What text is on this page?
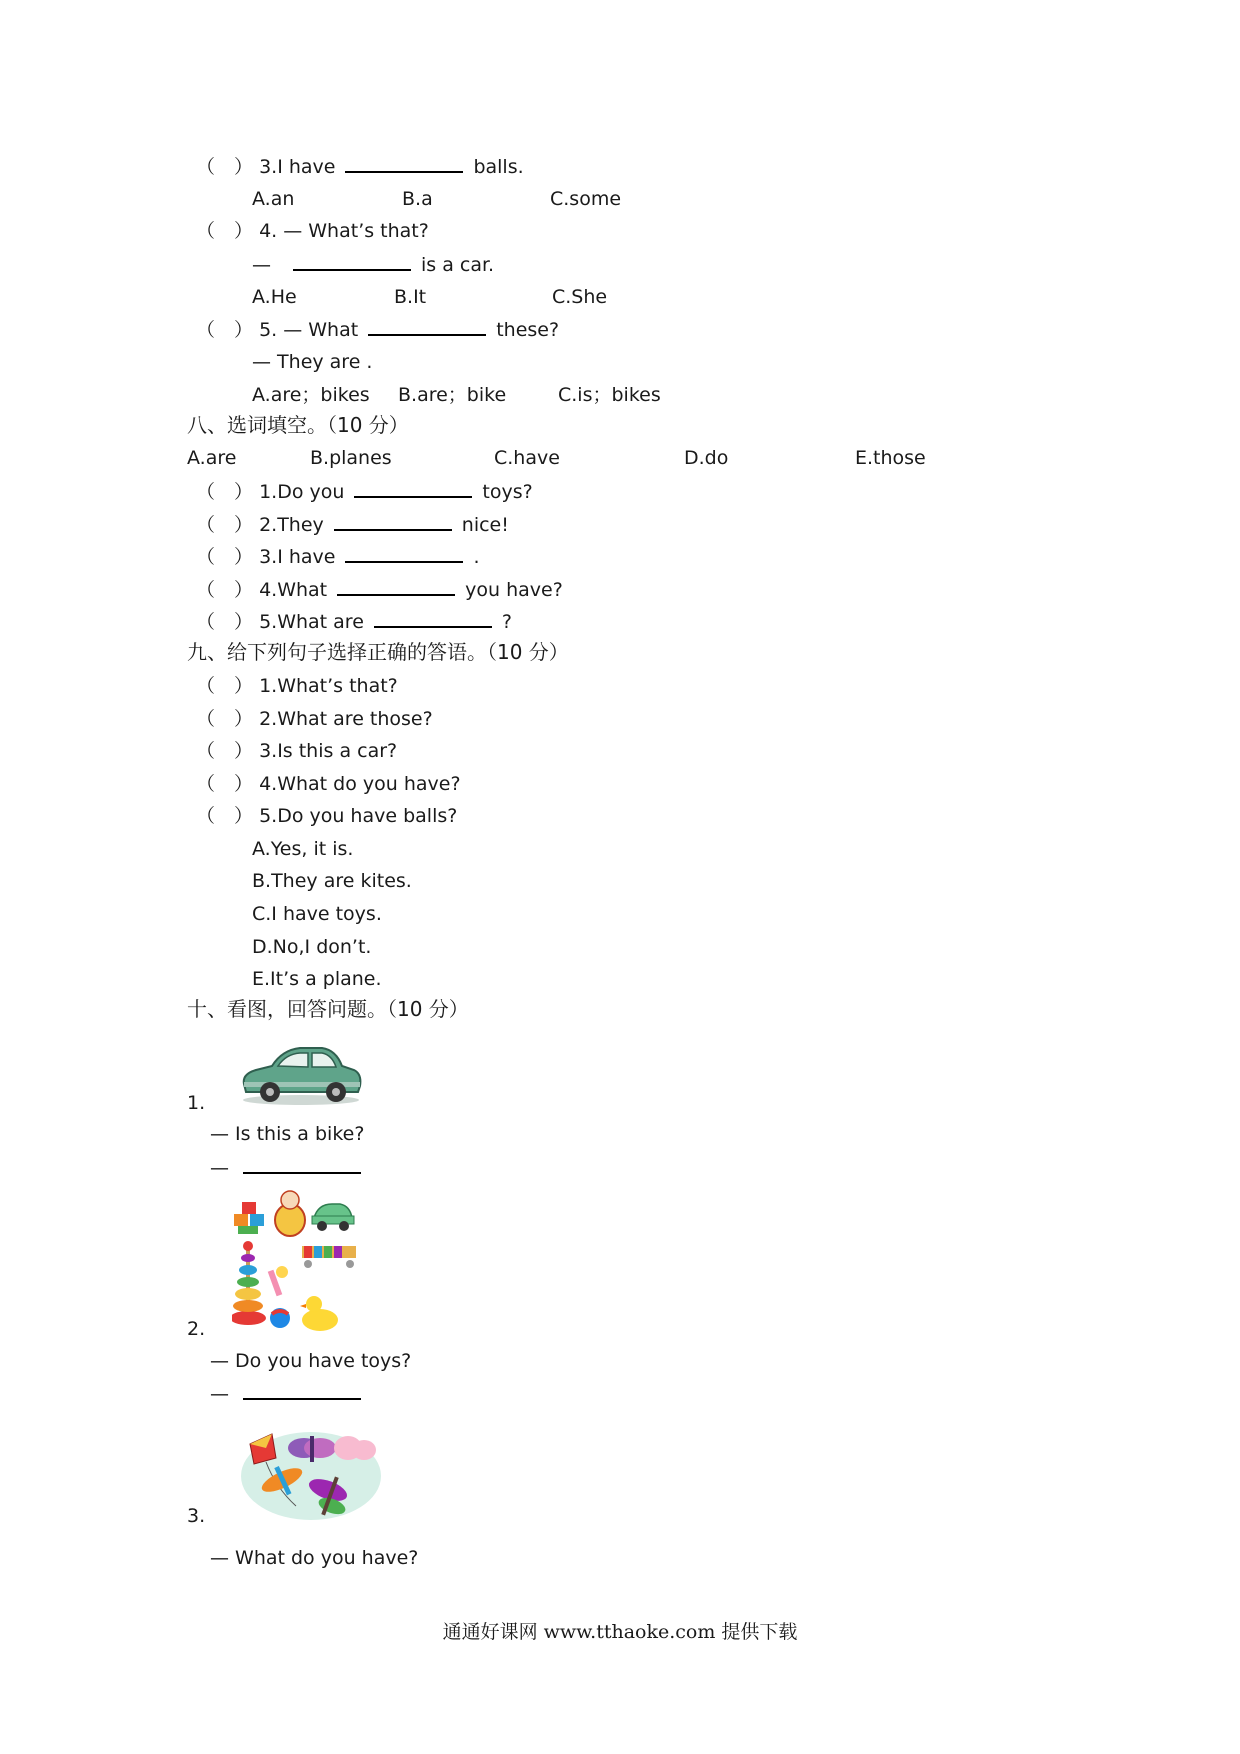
（　） 3.I have	balls.
A.an	B.a	C.some
（　） 4. — What’s that?
—	is a car.
A.He	B.It	C.She
（　） 5. — What	these?
— They are .
A.are；bikes B.are；bike	C.is；bikes
八、选词填空。（10 分）
A.are	B.planes	C.have	D.do	E.those
（　） 1.Do you	toys?
（　） 2.They	nice!
（　） 3.I have	.
（　） 4.What	you have?
（　） 5.What are	?
九、给下列句子选择正确的答语。（10 分）
（　） 1.What’s that?
（　） 2.What are those?
（　） 3.Is this a car?
（　） 4.What do you have?
（　） 5.Do you have balls?
A.Yes, it is.
B.They are kites.
C.I have toys.
D.No,I don’t.
E.It’s a plane.
十、看图，回答问题。（10 分）
1.
— Is this a bike?
—
2.
— Do you have toys?
—
3.
— What do you have?
通通好课网 www.tthaoke.com 提供下载
